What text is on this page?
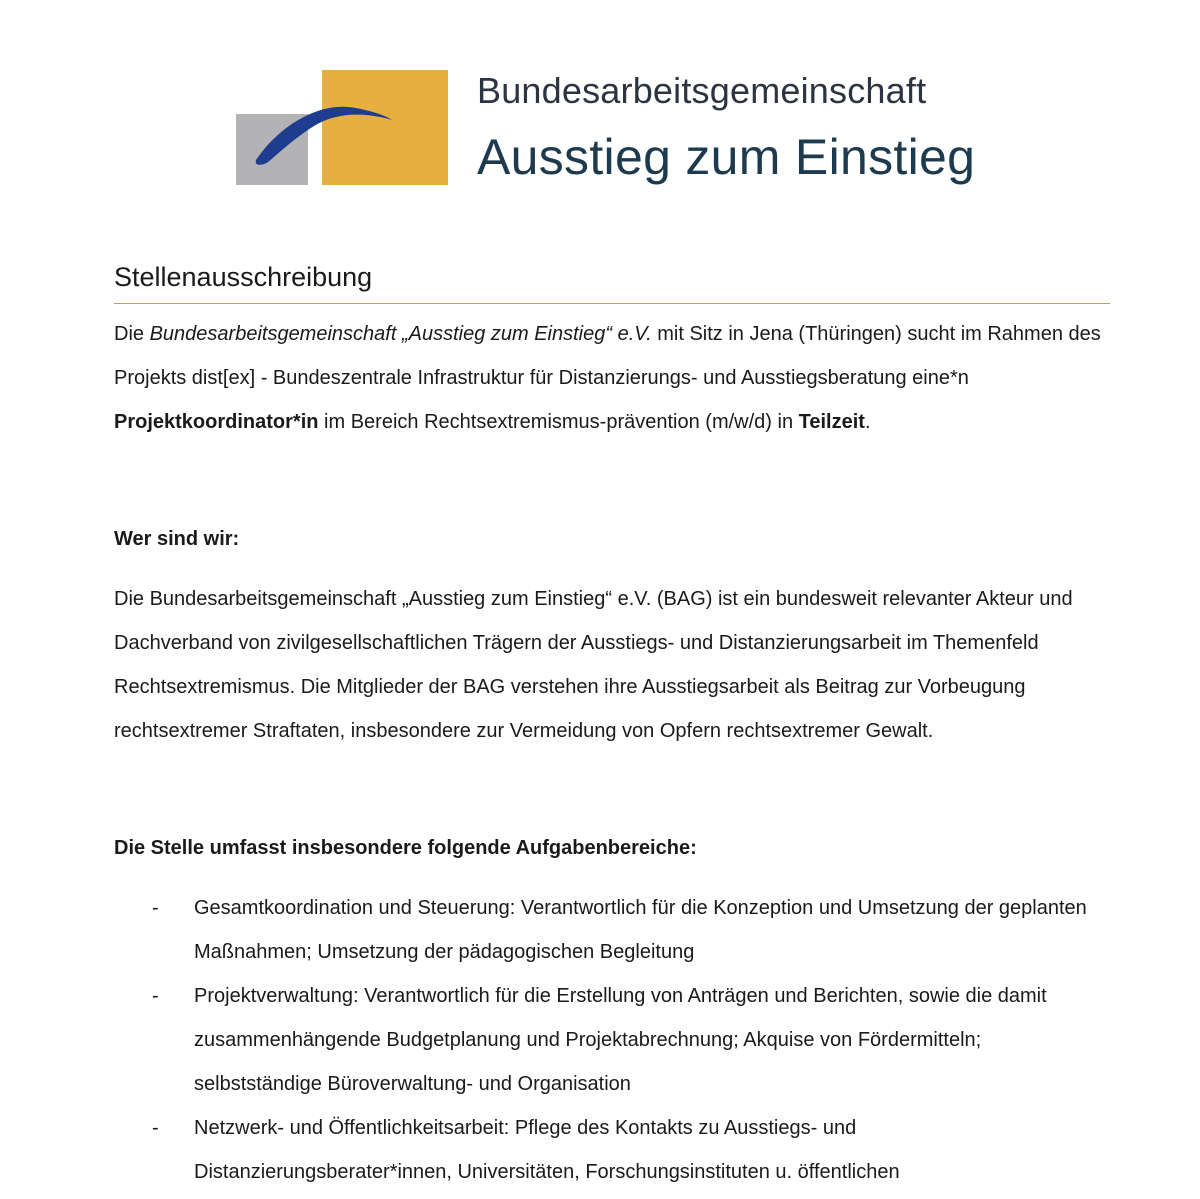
Bundesarbeitsgemeinschaft
Ausstieg zum Einstieg
Stellenausschreibung

Die Bundesarbeitsgemeinschaft „Ausstieg zum Einstieg“ e.V. mit Sitz in Jena (Thüringen) sucht im Rahmen des Projekts dist[ex] - Bundeszentrale Infrastruktur für Distanzierungs- und Ausstiegsberatung eine*n Projektkoordinator*in im Bereich Rechtsextremismus-prävention (m/w/d) in Teilzeit.

Wer sind wir:

Die Bundesarbeitsgemeinschaft „Ausstieg zum Einstieg“ e.V. (BAG) ist ein bundesweit relevanter Akteur und Dachverband von zivilgesellschaftlichen Trägern der Ausstiegs- und Distanzierungsarbeit im Themenfeld Rechtsextremismus. Die Mitglieder der BAG verstehen ihre Ausstiegsarbeit als Beitrag zur Vorbeugung rechtsextremer Straftaten, insbesondere zur Vermeidung von Opfern rechtsextremer Gewalt.

Die Stelle umfasst insbesondere folgende Aufgabenbereiche:

- Gesamtkoordination und Steuerung: Verantwortlich für die Konzeption und Umsetzung der geplanten Maßnahmen; Umsetzung der pädagogischen Begleitung
- Projektverwaltung: Verantwortlich für die Erstellung von Anträgen und Berichten, sowie die damit zusammenhängende Budgetplanung und Projektabrechnung; Akquise von Fördermitteln; selbstständige Büroverwaltung- und Organisation
- Netzwerk- und Öffentlichkeitsarbeit: Pflege des Kontakts zu Ausstiegs- und Distanzierungsberater*innen, Universitäten, Forschungsinstituten u. öffentlichen
